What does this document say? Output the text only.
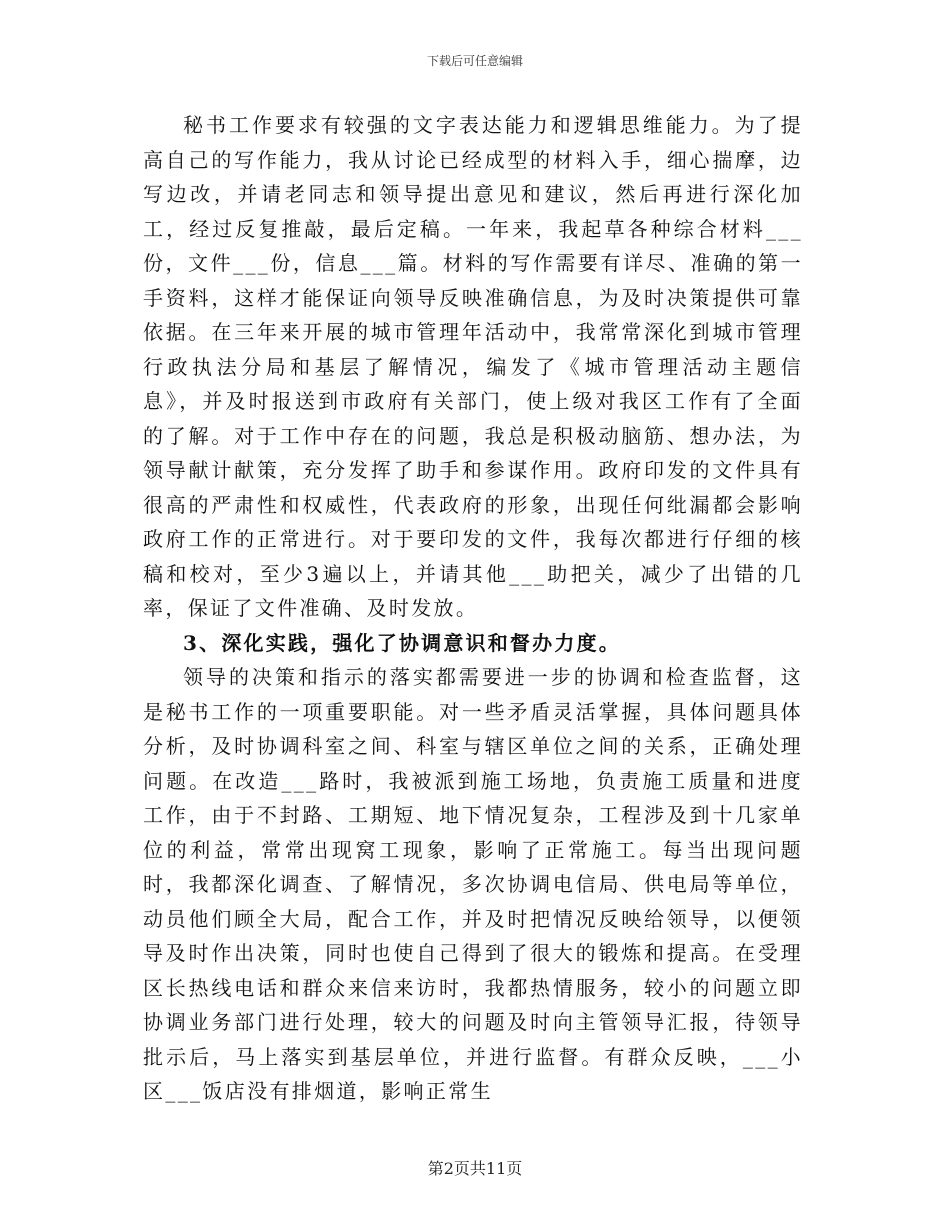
下载后可任意编辑

秘书工作要求有较强的文字表达能力和逻辑思维能力。为了提高自己的写作能力，我从讨论已经成型的材料入手，细心揣摩，边写边改，并请老同志和领导提出意见和建议，然后再进行深化加工，经过反复推敲，最后定稿。一年来，我起草各种综合材料___份，文件___份，信息___篇。材料的写作需要有详尽、准确的第一手资料，这样才能保证向领导反映准确信息，为及时决策提供可靠依据。在三年来开展的城市管理年活动中，我常常深化到城市管理行政执法分局和基层了解情况，编发了《城市管理活动主题信息》，并及时报送到市政府有关部门，使上级对我区工作有了全面的了解。对于工作中存在的问题，我总是积极动脑筋、想办法，为领导献计献策，充分发挥了助手和参谋作用。政府印发的文件具有很高的严肃性和权威性，代表政府的形象，出现任何纰漏都会影响政府工作的正常进行。对于要印发的文件，我每次都进行仔细的核稿和校对，至少3遍以上，并请其他___助把关，减少了出错的几率，保证了文件准确、及时发放。

3、深化实践，强化了协调意识和督办力度。

领导的决策和指示的落实都需要进一步的协调和检查监督，这是秘书工作的一项重要职能。对一些矛盾灵活掌握，具体问题具体分析，及时协调科室之间、科室与辖区单位之间的关系，正确处理问题。在改造___路时，我被派到施工场地，负责施工质量和进度工作，由于不封路、工期短、地下情况复杂，工程涉及到十几家单位的利益，常常出现窝工现象，影响了正常施工。每当出现问题时，我都深化调查、了解情况，多次协调电信局、供电局等单位，动员他们顾全大局，配合工作，并及时把情况反映给领导，以便领导及时作出决策，同时也使自己得到了很大的锻炼和提高。在受理区长热线电话和群众来信来访时，我都热情服务，较小的问题立即协调业务部门进行处理，较大的问题及时向主管领导汇报，待领导批示后，马上落实到基层单位，并进行监督。有群众反映，___小区___饭店没有排烟道，影响正常生

第2页共11页
